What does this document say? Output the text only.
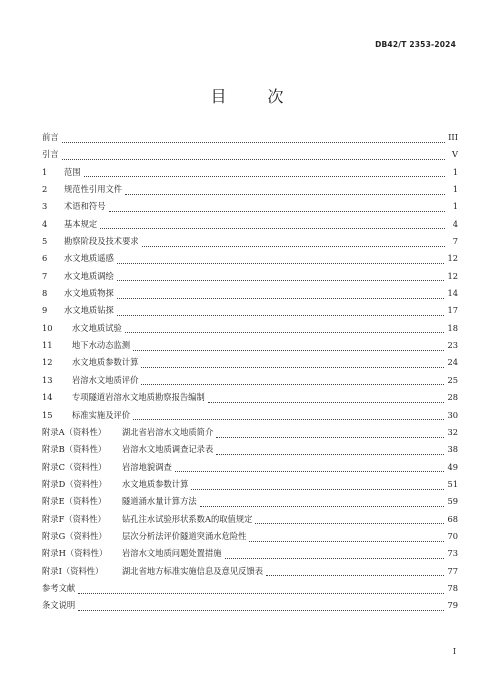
DB42/T 2353-2024
目 次
前言	III
引言	V
1	范围	1
2	规范性引用文件	1
3	术语和符号	1
4	基本规定	4
5	勘察阶段及技术要求	7
6	水文地质遥感	12
7	水文地质调绘	12
8	水文地质物探	14
9	水文地质钻探	17
10	水文地质试验	18
11	地下水动态监测	23
12	水文地质参数计算	24
13	岩溶水文地质评价	25
14	专项隧道岩溶水文地质勘察报告编制	28
15	标准实施及评价	30
附录A（资料性）	湖北省岩溶水文地质简介	32
附录B（资料性）	岩溶水文地质调查记录表	38
附录C（资料性）	岩溶地貌调查	49
附录D（资料性）	水文地质参数计算	51
附录E（资料性）	隧道涌水量计算方法	59
附录F（资料性）	钻孔注水试验形状系数A的取值规定	68
附录G（资料性）	层次分析法评价隧道突涌水危险性	70
附录H（资料性）	岩溶水文地质问题处置措施	73
附录I（资料性）	湖北省地方标准实施信息及意见反馈表	77
参考文献	78
条文说明	79
I
